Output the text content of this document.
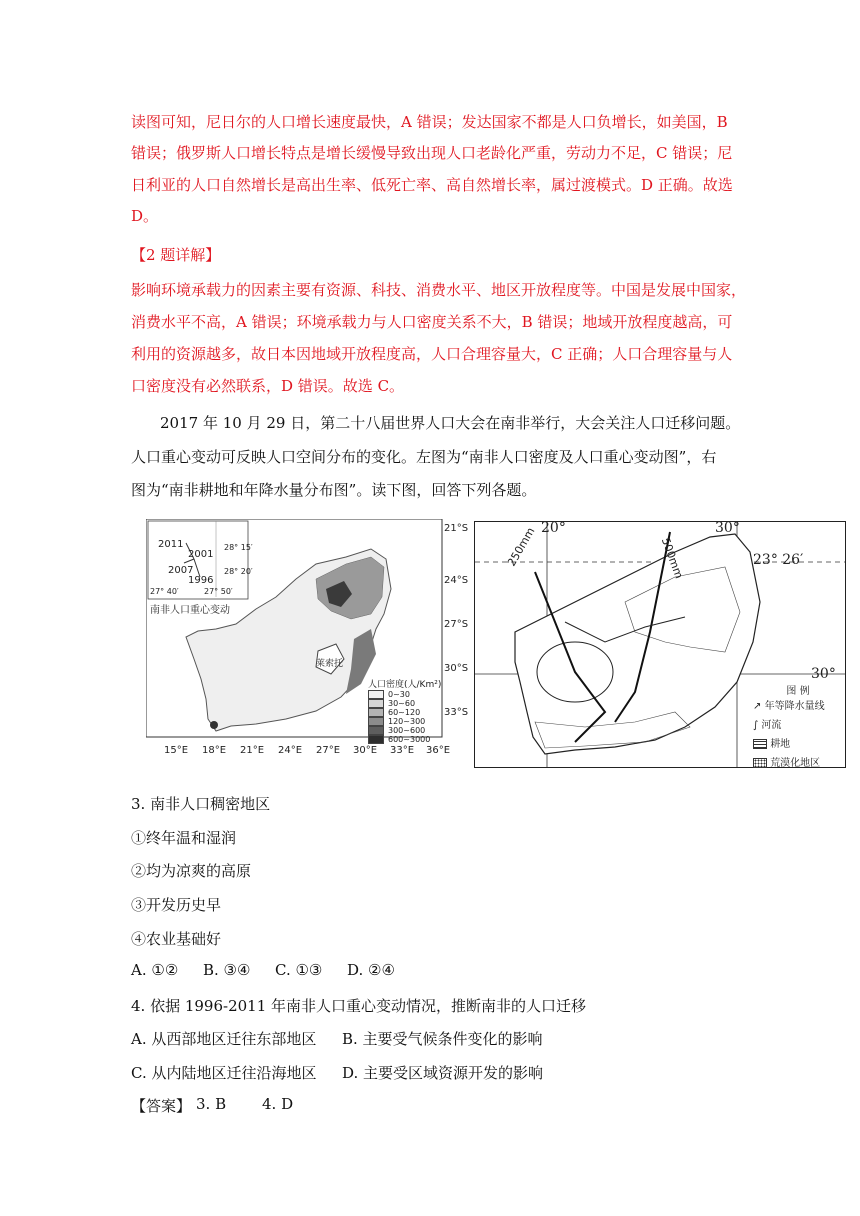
读图可知，尼日尔的人口增长速度最快，A 错误；发达国家不都是人口负增长，如美国，B
错误；俄罗斯人口增长特点是增长缓慢导致出现人口老龄化严重，劳动力不足，C 错误；尼
日利亚的人口自然增长是高出生率、低死亡率、高自然增长率，属过渡模式。D 正确。故选
D。
【2 题详解】
影响环境承载力的因素主要有资源、科技、消费水平、地区开放程度等。中国是发展中国家，
消费水平不高，A 错误；环境承载力与人口密度关系不大，B 错误；地域开放程度越高，可
利用的资源越多，故日本因地域开放程度高，人口合理容量大，C 正确；人口合理容量与人
口密度没有必然联系，D 错误。故选 C。
2017 年 10 月 29 日，第二十八届世界人口大会在南非举行，大会关注人口迁移问题。
人口重心变动可反映人口空间分布的变化。左图为“南非人口密度及人口重心变动图”，右
图为“南非耕地和年降水量分布图”。读下图，回答下列各题。
莱索托
2011
2001
2007
1996
28° 15′
28° 20′
27° 40′	27° 50′
南非人口重心变动
21°S
24°S
27°S
30°S
33°S
15°E 18°E 21°E 24°E 27°E 30°E 33°E 36°E
人口密度(人/Km²)
0~30
30~60
60~120
120~300
300~600
600~3000
20°	30°
23° 26′
30°
500mm
250mm
图 例
↗ 年等降水量线
∫ 河流
耕地
荒漠化地区
3. 南非人口稠密地区
①终年温和湿润
②均为凉爽的高原
③开发历史早
④农业基础好
A. ①② B. ③④ C. ①③ D. ②④
4. 依据 1996-2011 年南非人口重心变动情况，推断南非的人口迁移
A. 从西部地区迁往东部地区 B. 主要受气候条件变化的影响
C. 从内陆地区迁往沿海地区 D. 主要受区域资源开发的影响
【答案】 3. B 4. D
